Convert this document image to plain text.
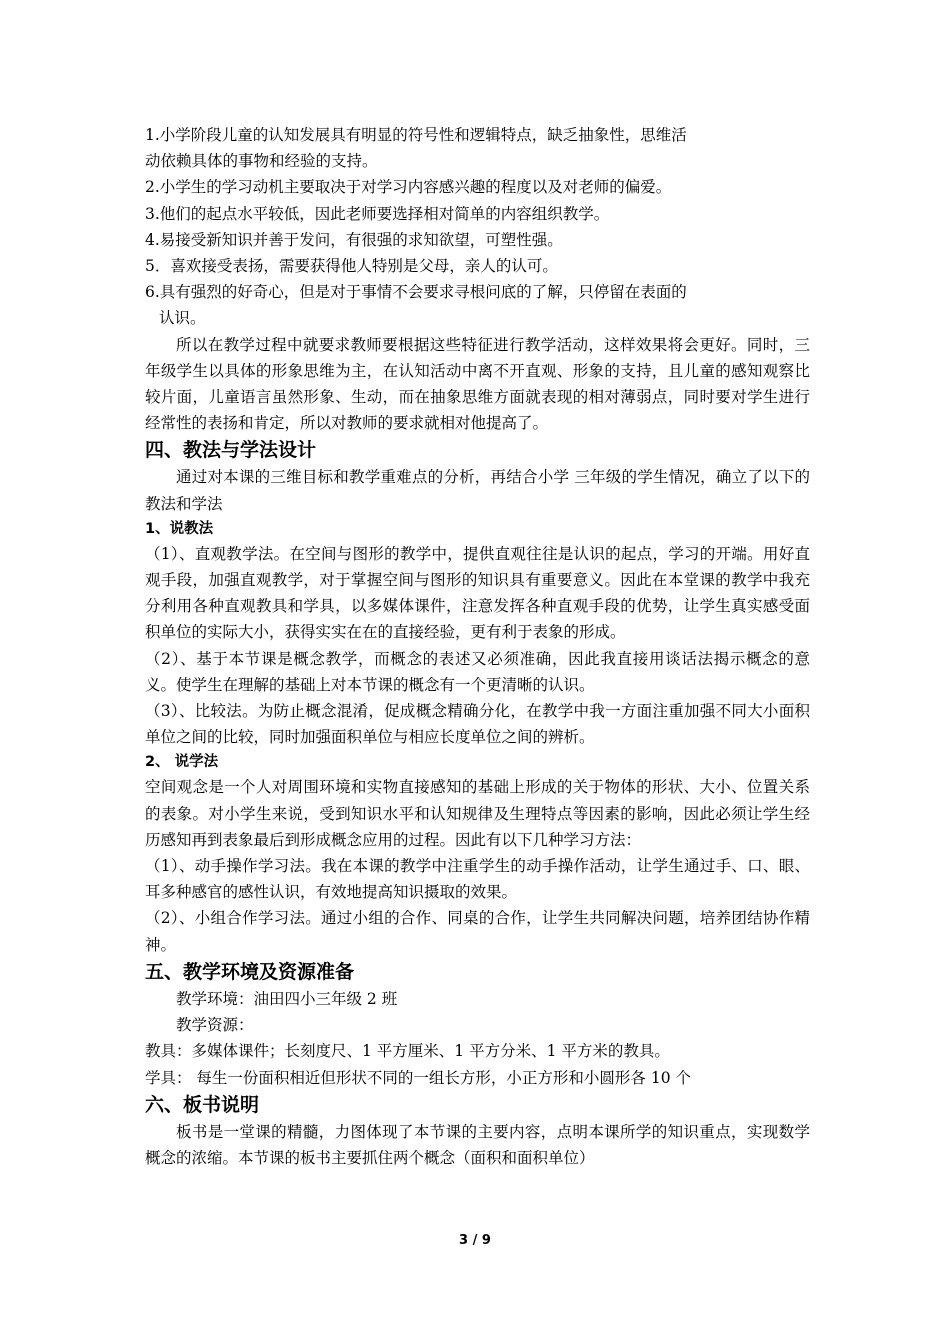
1.小学阶段儿童的认知发展具有明显的符号性和逻辑特点，缺乏抽象性，思维活
动依赖具体的事物和经验的支持。

2.小学生的学习动机主要取决于对学习内容感兴趣的程度以及对老师的偏爱。

3.他们的起点水平较低，因此老师要选择相对简单的内容组织教学。

4.易接受新知识并善于发问，有很强的求知欲望，可塑性强。

5．喜欢接受表扬，需要获得他人特别是父母，亲人的认可。

6.具有强烈的好奇心，但是对于事情不会要求寻根问底的了解，只停留在表面的
认识。

所以在教学过程中就要求教师要根据这些特征进行教学活动，这样效果将会更好。同时，三年级学生以具体的形象思维为主，在认知活动中离不开直观、形象的支持，且儿童的感知观察比较片面，儿童语言虽然形象、生动，而在抽象思维方面就表现的相对薄弱点，同时要对学生进行经常性的表扬和肯定，所以对教师的要求就相对他提高了。

四、教法与学法设计

通过对本课的三维目标和教学重难点的分析，再结合小学 三年级的学生情况，确立了以下的教法和学法

1、说教法

（1）、直观教学法。在空间与图形的教学中，提供直观往往是认识的起点，学习的开端。用好直观手段，加强直观教学，对于掌握空间与图形的知识具有重要意义。因此在本堂课的教学中我充分利用各种直观教具和学具，以多媒体课件，注意发挥各种直观手段的优势，让学生真实感受面积单位的实际大小，获得实实在在的直接经验，更有利于表象的形成。

（2）、基于本节课是概念教学，而概念的表述又必须准确，因此我直接用谈话法揭示概念的意义。使学生在理解的基础上对本节课的概念有一个更清晰的认识。

（3）、比较法。为防止概念混淆，促成概念精确分化，在教学中我一方面注重加强不同大小面积单位之间的比较，同时加强面积单位与相应长度单位之间的辨析。

2、 说学法

空间观念是一个人对周围环境和实物直接感知的基础上形成的关于物体的形状、大小、位置关系的表象。对小学生来说，受到知识水平和认知规律及生理特点等因素的影响，因此必须让学生经历感知再到表象最后到形成概念应用的过程。因此有以下几种学习方法：

（1）、动手操作学习法。我在本课的教学中注重学生的动手操作活动，让学生通过手、口、眼、耳多种感官的感性认识，有效地提高知识摄取的效果。

（2）、小组合作学习法。通过小组的合作、同桌的合作，让学生共同解决问题，培养团结协作精神。

五、教学环境及资源准备

教学环境：油田四小三年级 2 班

教学资源：

教具：多媒体课件；长刻度尺、1 平方厘米、1 平方分米、1 平方米的教具。

学具： 每生一份面积相近但形状不同的一组长方形，小正方形和小圆形各 10 个

六、板书说明

板书是一堂课的精髓，力图体现了本节课的主要内容，点明本课所学的知识重点，实现数学概念的浓缩。本节课的板书主要抓住两个概念（面积和面积单位）

3 / 9
